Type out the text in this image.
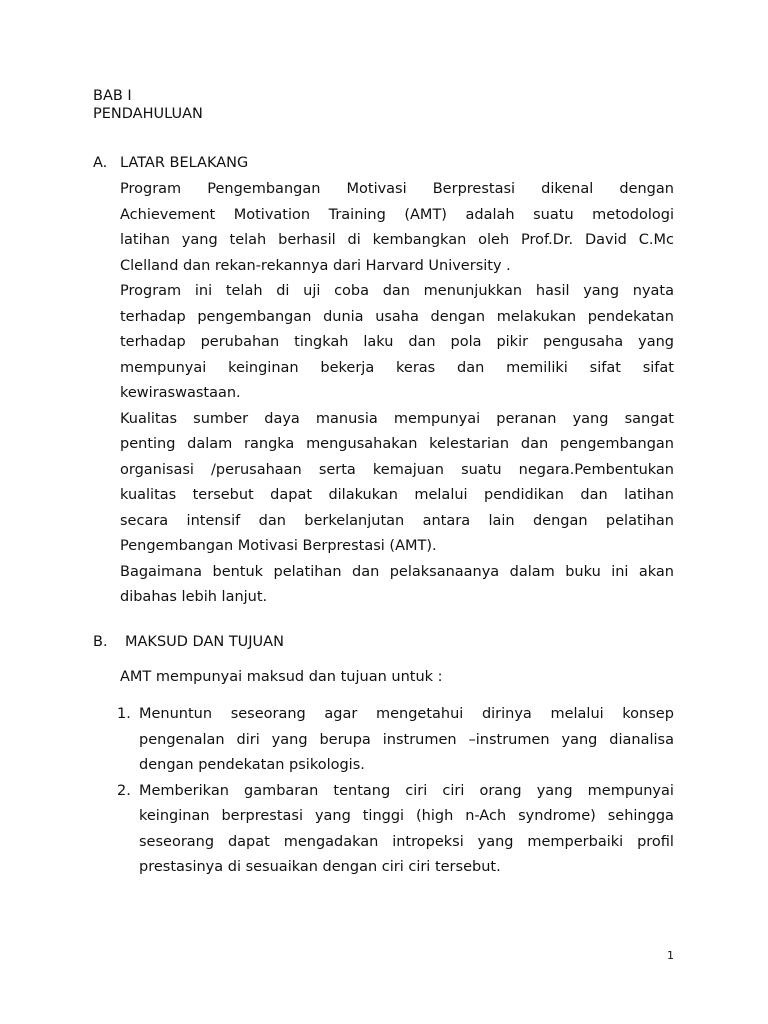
BAB I
PENDAHULUAN
A. LATAR BELAKANG
Program Pengembangan Motivasi Berprestasi dikenal dengan
Achievement Motivation Training (AMT) adalah suatu metodologi
latihan yang telah berhasil di kembangkan oleh Prof.Dr. David C.Mc
Clelland dan rekan-rekannya dari Harvard University .
Program ini telah di uji coba dan menunjukkan hasil yang nyata
terhadap pengembangan dunia usaha dengan melakukan pendekatan
terhadap perubahan tingkah laku dan pola pikir pengusaha yang
mempunyai keinginan bekerja keras dan memiliki sifat sifat
kewiraswastaan.
Kualitas sumber daya manusia mempunyai peranan yang sangat
penting dalam rangka mengusahakan kelestarian dan pengembangan
organisasi /perusahaan serta kemajuan suatu negara.Pembentukan
kualitas tersebut dapat dilakukan melalui pendidikan dan latihan
secara intensif dan berkelanjutan antara lain dengan pelatihan
Pengembangan Motivasi Berprestasi (AMT).
Bagaimana bentuk pelatihan dan pelaksanaanya dalam buku ini akan
dibahas lebih lanjut.
B. MAKSUD DAN TUJUAN
AMT mempunyai maksud dan tujuan untuk :
1. Menuntun seseorang agar mengetahui dirinya melalui konsep
pengenalan diri yang berupa instrumen –instrumen yang dianalisa
dengan pendekatan psikologis.
2. Memberikan gambaran tentang ciri ciri orang yang mempunyai
keinginan berprestasi yang tinggi (high n-Ach syndrome) sehingga
seseorang dapat mengadakan intropeksi yang memperbaiki profil
prestasinya di sesuaikan dengan ciri ciri tersebut.
1
